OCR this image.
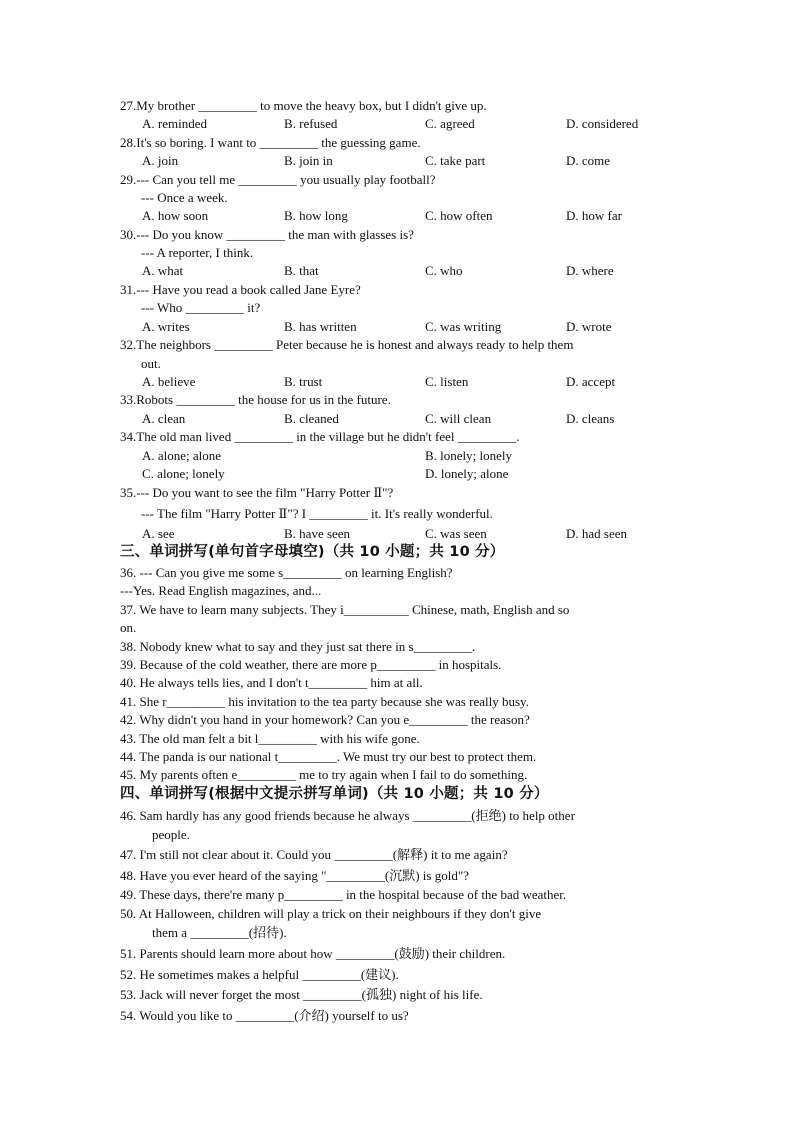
27.My brother _________ to move the heavy box, but I didn't give up.
A. reminded	B. refused	C. agreed	D. considered
28.It's so boring. I want to _________ the guessing game.
A. join	B. join in	C. take part	D. come
29.--- Can you tell me _________ you usually play football?
--- Once a week.
A. how soon	B. how long	C. how often	D. how far
30.--- Do you know _________ the man with glasses is?
--- A reporter, I think.
A. what	B. that	C. who	D. where
31.--- Have you read a book called Jane Eyre?
--- Who _________ it?
A. writes	B. has written	C. was writing	D. wrote
32.The neighbors _________ Peter because he is honest and always ready to help them
out.
A. believe	B. trust	C. listen	D. accept
33.Robots _________ the house for us in the future.
A. clean	B. cleaned	C. will clean	D. cleans
34.The old man lived _________ in the village but he didn't feel _________.
A. alone; alone	B. lonely; lonely
C. alone; lonely	D. lonely; alone
35.--- Do you want to see the film "Harry Potter Ⅱ"?
--- The film "Harry Potter Ⅱ"? I _________ it. It's really wonderful.
A. see	B. have seen	C. was seen	D. had seen
三、单词拼写(单句首字母填空)（共 10 小题；共 10 分）
36. --- Can you give me some s_________ on learning English?
---Yes. Read English magazines, and...
37. We have to learn many subjects. They i__________ Chinese, math, English and so
on.
38. Nobody knew what to say and they just sat there in s_________.
39. Because of the cold weather, there are more p_________ in hospitals.
40. He always tells lies, and I don't t_________ him at all.
41. She r_________ his invitation to the tea party because she was really busy.
42. Why didn't you hand in your homework? Can you e_________ the reason?
43. The old man felt a bit l_________ with his wife gone.
44. The panda is our national t_________. We must try our best to protect them.
45. My parents often e_________ me to try again when I fail to do something.
四、单词拼写(根据中文提示拼写单词)（共 10 小题；共 10 分）
46. Sam hardly has any good friends because he always _________(拒绝) to help other
people.
47. I'm still not clear about it. Could you _________(解释) it to me again?
48. Have you ever heard of the saying "_________(沉默) is gold"?
49. These days, there're many p_________ in the hospital because of the bad weather.
50. At Halloween, children will play a trick on their neighbours if they don't give
them a _________(招待).
51. Parents should learn more about how _________(鼓励) their children.
52. He sometimes makes a helpful _________(建议).
53. Jack will never forget the most _________(孤独) night of his life.
54. Would you like to _________(介绍) yourself to us?
